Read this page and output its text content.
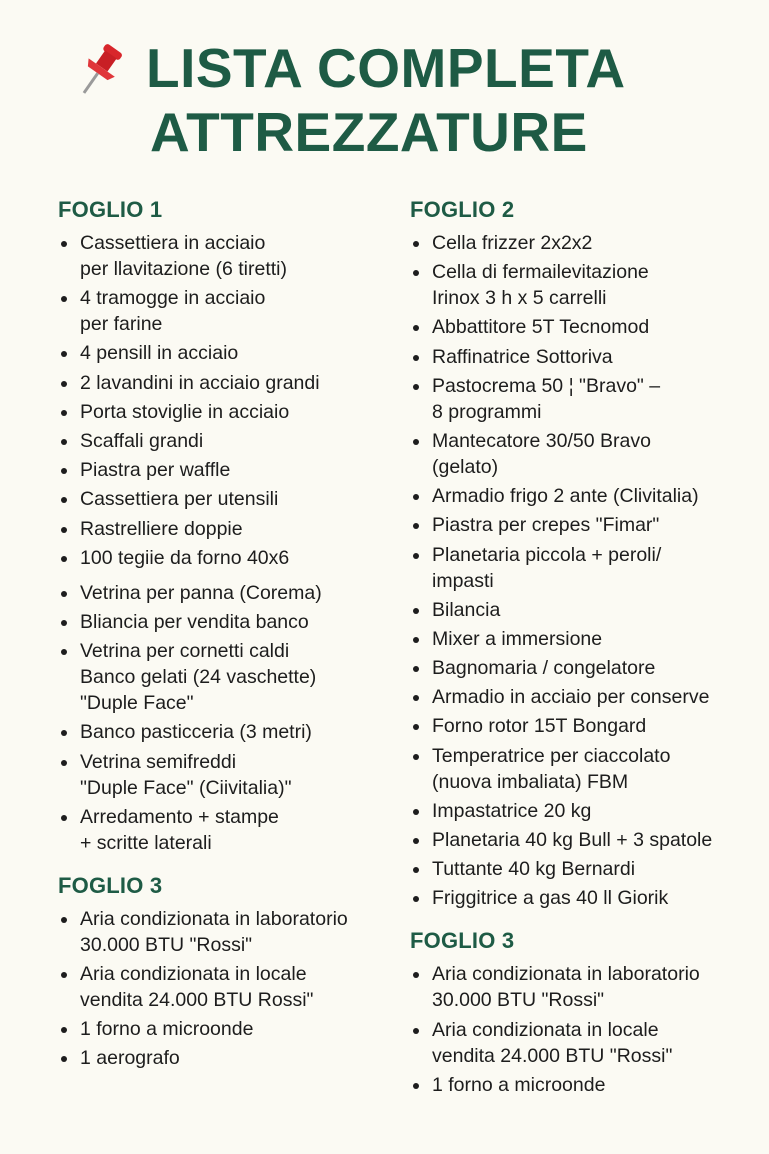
LISTA COMPLETA
ATTREZZATURE
FOGLIO 1
Cassettiera in acciaio
per llavitazione (6 tiretti)
4 tramogge in acciaio
per farine
4 pensill in acciaio
2 lavandini in acciaio grandi
Porta stoviglie in acciaio
Scaffali grandi
Piastra per waffle
Cassettiera per utensili
Rastrelliere doppie
100 tegiie da forno 40x6
Vetrina per panna (Corema)
Bliancia per vendita banco
Vetrina per cornetti caldi
Banco gelati (24 vaschette)
"Duple Face"
Banco pasticceria (3 metri)
Vetrina semifreddi
"Duple Face" (Ciivitalia)"
Arredamento + stampe
+ scritte laterali
FOGLIO 3
Aria condizionata in laboratorio
30.000 BTU "Rossi"
Aria condizionata in locale
vendita 24.000 BTU Rossi"
1 forno a microonde
1 aerografo
FOGLIO 2
Cella frizzer 2x2x2
Cella di fermailevitazione
Irinox 3 h x 5 carrelli
Abbattitore 5T Tecnomod
Raffinatrice Sottoriva
Pastocrema 50 ¦ "Bravo" –
8 programmi
Mantecatore 30/50 Bravo
(gelato)
Armadio frigo 2 ante (Clivitalia)
Piastra per crepes "Fimar"
Planetaria piccola + peroli/
impasti
Bilancia
Mixer a immersione
Bagnomaria / congelatore
Armadio in acciaio per conserve
Forno rotor 15T Bongard
Temperatrice per ciaccolato
(nuova imbaliata) FBM
Impastatrice 20 kg
Planetaria 40 kg Bull + 3 spatole
Tuttante 40 kg Bernardi
Friggitrice a gas 40 ll Giorik
FOGLIO 3
Aria condizionata in laboratorio
30.000 BTU "Rossi"
Aria condizionata in locale
vendita 24.000 BTU "Rossi"
1 forno a microonde
